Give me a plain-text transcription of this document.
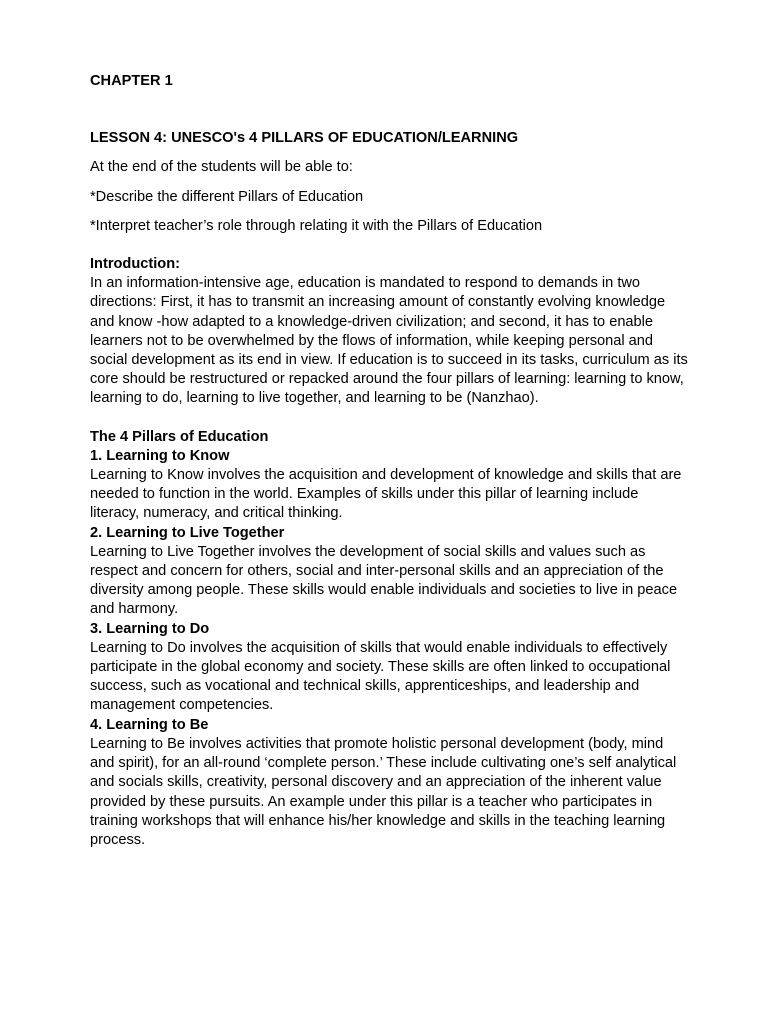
CHAPTER 1

LESSON 4: UNESCO's 4 PILLARS OF EDUCATION/LEARNING

At the end of the students will be able to:

*Describe the different Pillars of Education

*Interpret teacher’s role through relating it with the Pillars of Education

Introduction:

In an information-intensive age, education is mandated to respond to demands in two directions: First, it has to transmit an increasing amount of constantly evolving knowledge and know -how adapted to a knowledge-driven civilization; and second, it has to enable learners not to be overwhelmed by the flows of information, while keeping personal and social development as its end in view. If education is to succeed in its tasks, curriculum as its core should be restructured or repacked around the four pillars of learning: learning to know, learning to do, learning to live together, and learning to be (Nanzhao).

The 4 Pillars of Education

1. Learning to Know

Learning to Know involves the acquisition and development of knowledge and skills that are needed to function in the world. Examples of skills under this pillar of learning include literacy, numeracy, and critical thinking.

2. Learning to Live Together

Learning to Live Together involves the development of social skills and values such as respect and concern for others, social and inter-personal skills and an appreciation of the diversity among people. These skills would enable individuals and societies to live in peace and harmony.

3. Learning to Do

Learning to Do involves the acquisition of skills that would enable individuals to effectively participate in the global economy and society. These skills are often linked to occupational success, such as vocational and technical skills, apprenticeships, and leadership and management competencies.

4. Learning to Be

Learning to Be involves activities that promote holistic personal development (body, mind and spirit), for an all-round ‘complete person.’ These include cultivating one’s self analytical and socials skills, creativity, personal discovery and an appreciation of the inherent value provided by these pursuits. An example under this pillar is a teacher who participates in training workshops that will enhance his/her knowledge and skills in the teaching learning process.
